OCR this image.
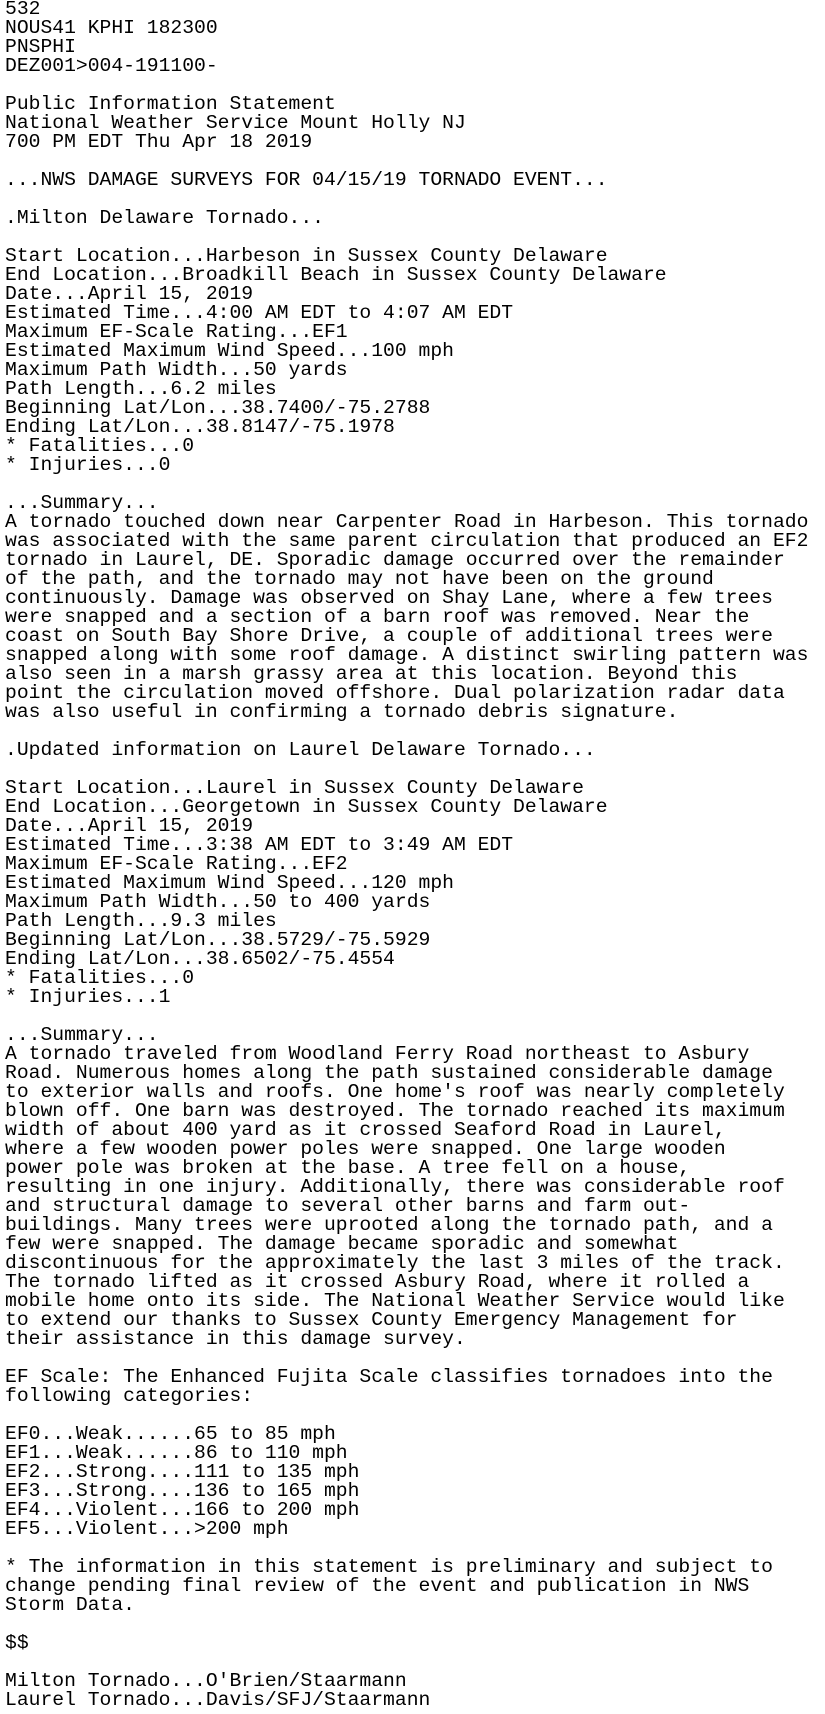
532
NOUS41 KPHI 182300
PNSPHI
DEZ001>004-191100-
Public Information Statement
National Weather Service Mount Holly NJ
700 PM EDT Thu Apr 18 2019
...NWS DAMAGE SURVEYS FOR 04/15/19 TORNADO EVENT...
.Milton Delaware Tornado...
Start Location...Harbeson in Sussex County Delaware
End Location...Broadkill Beach in Sussex County Delaware
Date...April 15, 2019
Estimated Time...4:00 AM EDT to 4:07 AM EDT
Maximum EF-Scale Rating...EF1
Estimated Maximum Wind Speed...100 mph
Maximum Path Width...50 yards
Path Length...6.2 miles
Beginning Lat/Lon...38.7400/-75.2788
Ending Lat/Lon...38.8147/-75.1978
* Fatalities...0
* Injuries...0
...Summary...
A tornado touched down near Carpenter Road in Harbeson. This tornado
was associated with the same parent circulation that produced an EF2
tornado in Laurel, DE. Sporadic damage occurred over the remainder
of the path, and the tornado may not have been on the ground
continuously. Damage was observed on Shay Lane, where a few trees
were snapped and a section of a barn roof was removed. Near the
coast on South Bay Shore Drive, a couple of additional trees were
snapped along with some roof damage. A distinct swirling pattern was
also seen in a marsh grassy area at this location. Beyond this
point the circulation moved offshore. Dual polarization radar data
was also useful in confirming a tornado debris signature.
.Updated information on Laurel Delaware Tornado...
Start Location...Laurel in Sussex County Delaware
End Location...Georgetown in Sussex County Delaware
Date...April 15, 2019
Estimated Time...3:38 AM EDT to 3:49 AM EDT
Maximum EF-Scale Rating...EF2
Estimated Maximum Wind Speed...120 mph
Maximum Path Width...50 to 400 yards
Path Length...9.3 miles
Beginning Lat/Lon...38.5729/-75.5929
Ending Lat/Lon...38.6502/-75.4554
* Fatalities...0
* Injuries...1
...Summary...
A tornado traveled from Woodland Ferry Road northeast to Asbury
Road. Numerous homes along the path sustained considerable damage
to exterior walls and roofs. One home's roof was nearly completely
blown off. One barn was destroyed. The tornado reached its maximum
width of about 400 yard as it crossed Seaford Road in Laurel,
where a few wooden power poles were snapped. One large wooden
power pole was broken at the base. A tree fell on a house,
resulting in one injury. Additionally, there was considerable roof
and structural damage to several other barns and farm out-
buildings. Many trees were uprooted along the tornado path, and a
few were snapped. The damage became sporadic and somewhat
discontinuous for the approximately the last 3 miles of the track.
The tornado lifted as it crossed Asbury Road, where it rolled a
mobile home onto its side. The National Weather Service would like
to extend our thanks to Sussex County Emergency Management for
their assistance in this damage survey.
EF Scale: The Enhanced Fujita Scale classifies tornadoes into the
following categories:
EF0...Weak......65 to 85 mph
EF1...Weak......86 to 110 mph
EF2...Strong....111 to 135 mph
EF3...Strong....136 to 165 mph
EF4...Violent...166 to 200 mph
EF5...Violent...>200 mph
* The information in this statement is preliminary and subject to
change pending final review of the event and publication in NWS
Storm Data.
$$
Milton Tornado...O'Brien/Staarmann
Laurel Tornado...Davis/SFJ/Staarmann
